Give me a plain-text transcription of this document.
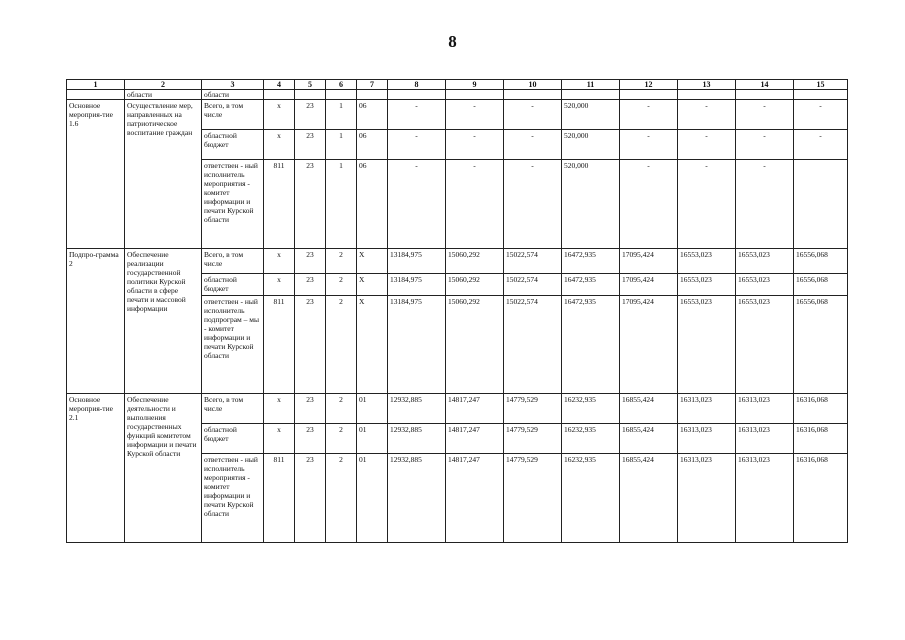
8
1	2	3	4	5	6	7	8	9	10	11	12	13	14	15
	области	области												
Основное мероприя-тие 1.6	Осуществление мер, направленных на патриотическое воспитание граждан	Всего, в том числе	x	23	1	06	-	-	-	520,000	-	-	-	-
		областной бюджет	x	23	1	06	-	-	-	520,000	-	-	-	-
		ответствен - ный исполнитель мероприятия - комитет информации и печати Курской области	811	23	1	06	-	-	-	520,000	-	-	-	
Подпро-грамма 2	Обеспечение реализации государственной политики Курской области в сфере печати и массовой информации	Всего, в том числе	x	23	2	X	13184,975	15060,292	15022,574	16472,935	17095,424	16553,023	16553,023	16556,068
		областной бюджет	x	23	2	X	13184,975	15060,292	15022,574	16472,935	17095,424	16553,023	16553,023	16556,068
		ответствен - ный исполнитель подпрограм – мы - комитет информации и печати Курской области	811	23	2	X	13184,975	15060,292	15022,574	16472,935	17095,424	16553,023	16553,023	16556,068
Основное мероприя-тие 2.1	Обеспечение деятельности и выполнения государственных функций комитетом информации и печати Курской области	Всего, в том числе	x	23	2	01	12932,885	14817,247	14779,529	16232,935	16855,424	16313,023	16313,023	16316,068
		областной бюджет	x	23	2	01	12932,885	14817,247	14779,529	16232,935	16855,424	16313,023	16313,023	16316,068
		ответствен - ный исполнитель мероприятия - комитет информации и печати Курской области	811	23	2	01	12932,885	14817,247	14779,529	16232,935	16855,424	16313,023	16313,023	16316,068
